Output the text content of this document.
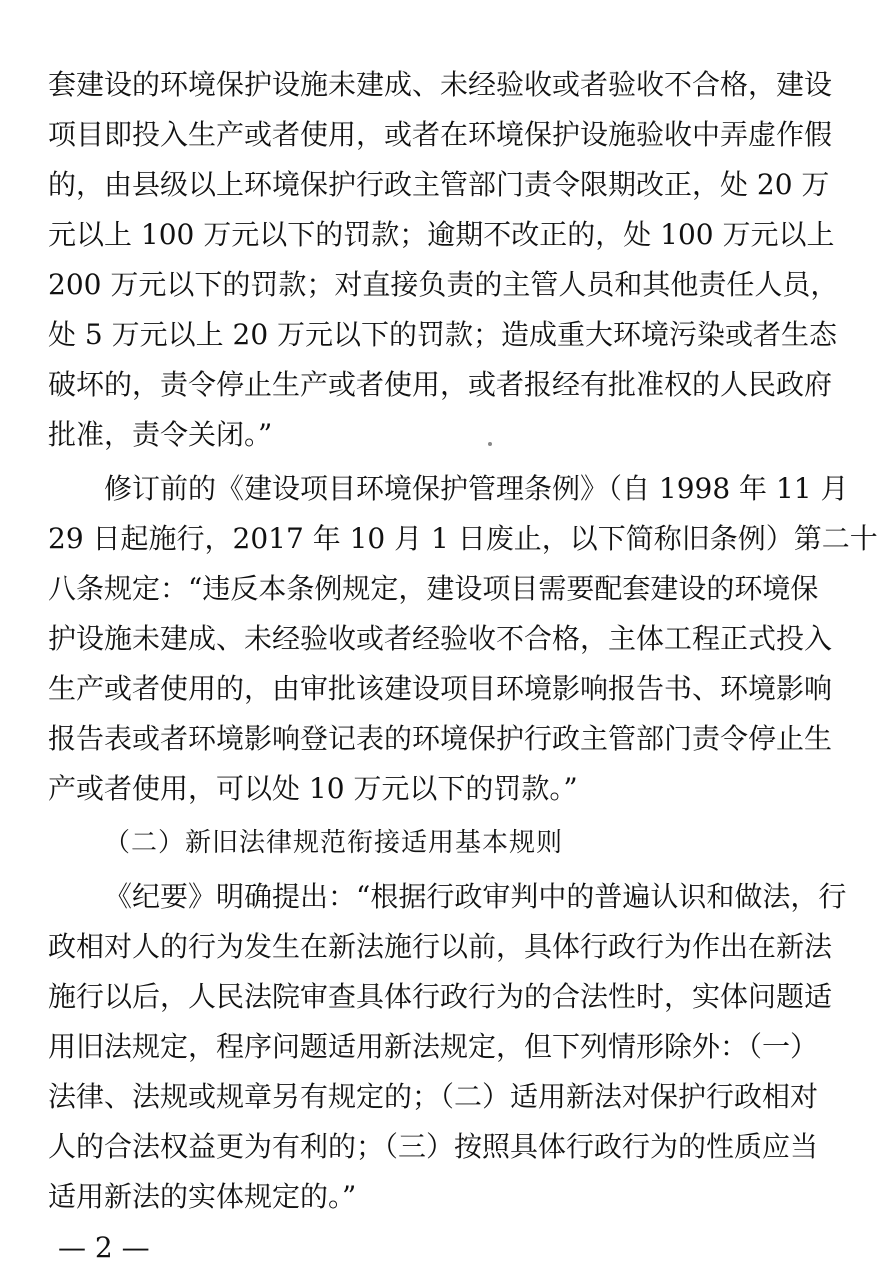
套建设的环境保护设施未建成、未经验收或者验收不合格，建设
项目即投入生产或者使用，或者在环境保护设施验收中弄虚作假
的，由县级以上环境保护行政主管部门责令限期改正，处 20 万
元以上 100 万元以下的罚款；逾期不改正的，处 100 万元以上
200 万元以下的罚款；对直接负责的主管人员和其他责任人员，
处 5 万元以上 20 万元以下的罚款；造成重大环境污染或者生态
破坏的，责令停止生产或者使用，或者报经有批准权的人民政府
批准，责令关闭。”
修订前的《建设项目环境保护管理条例》（自 1998 年 11 月
29 日起施行，2017 年 10 月 1 日废止，以下简称旧条例）第二十
八条规定：“违反本条例规定，建设项目需要配套建设的环境保
护设施未建成、未经验收或者经验收不合格，主体工程正式投入
生产或者使用的，由审批该建设项目环境影响报告书、环境影响
报告表或者环境影响登记表的环境保护行政主管部门责令停止生
产或者使用，可以处 10 万元以下的罚款。”
（二）新旧法律规范衔接适用基本规则
《纪要》明确提出：“根据行政审判中的普遍认识和做法，行
政相对人的行为发生在新法施行以前，具体行政行为作出在新法
施行以后，人民法院审查具体行政行为的合法性时，实体问题适
用旧法规定，程序问题适用新法规定，但下列情形除外：（一）
法律、法规或规章另有规定的；（二）适用新法对保护行政相对
人的合法权益更为有利的；（三）按照具体行政行为的性质应当
适用新法的实体规定的。”
— 2 —
